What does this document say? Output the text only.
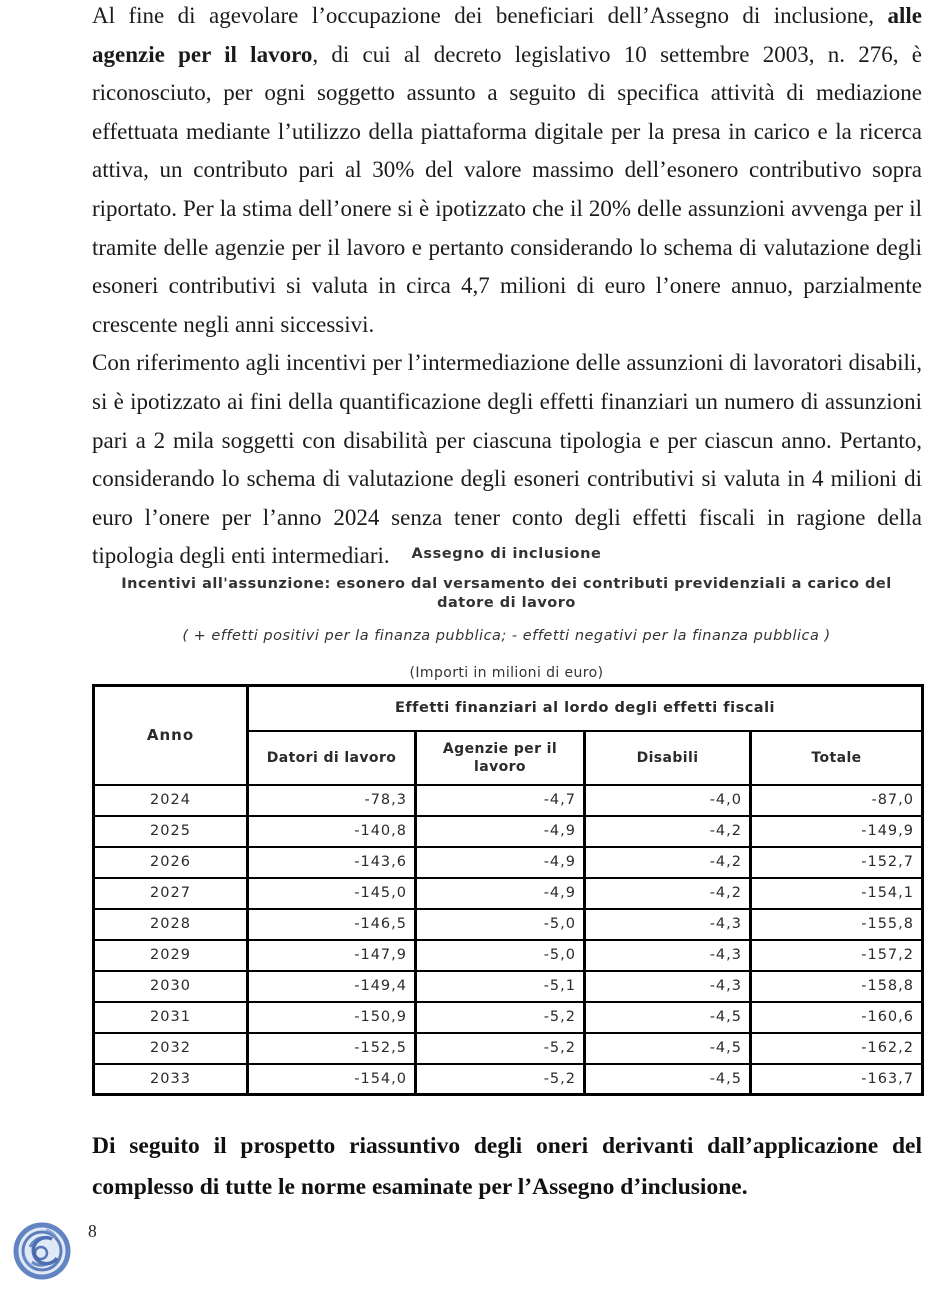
Al fine di agevolare l’occupazione dei beneficiari dell’Assegno di inclusione, alle agenzie per il lavoro, di cui al decreto legislativo 10 settembre 2003, n. 276, è riconosciuto, per ogni soggetto assunto a seguito di specifica attività di mediazione effettuata mediante l’utilizzo della piattaforma digitale per la presa in carico e la ricerca attiva, un contributo pari al 30% del valore massimo dell’esonero contributivo sopra riportato. Per la stima dell’onere si è ipotizzato che il 20% delle assunzioni avvenga per il tramite delle agenzie per il lavoro e pertanto considerando lo schema di valutazione degli esoneri contributivi si valuta in circa 4,7 milioni di euro l’onere annuo, parzialmente crescente negli anni siccessivi.

Con riferimento agli incentivi per l’intermediazione delle assunzioni di lavoratori disabili, si è ipotizzato ai fini della quantificazione degli effetti finanziari un numero di assunzioni pari a 2 mila soggetti con disabilità per ciascuna tipologia e per ciascun anno. Pertanto, considerando lo schema di valutazione degli esoneri contributivi si valuta in 4 milioni di euro l’onere per l’anno 2024 senza tener conto degli effetti fiscali in ragione della tipologia degli enti intermediari.	Assegno di inclusione
Incentivi all'assunzione: esonero dal versamento dei contributi previdenziali a carico del datore di lavoro
( + effetti positivi per la finanza pubblica; - effetti negativi per la finanza pubblica )
(Importi in milioni di euro)
Anno	Effetti finanziari al lordo degli effetti fiscali			
	Datori di lavoro	Agenzie per il lavoro	Disabili	Totale
2024	-78,3	-4,7	-4,0	-87,0
2025	-140,8	-4,9	-4,2	-149,9
2026	-143,6	-4,9	-4,2	-152,7
2027	-145,0	-4,9	-4,2	-154,1
2028	-146,5	-5,0	-4,3	-155,8
2029	-147,9	-5,0	-4,3	-157,2
2030	-149,4	-5,1	-4,3	-158,8
2031	-150,9	-5,2	-4,5	-160,6
2032	-152,5	-5,2	-4,5	-162,2
2033	-154,0	-5,2	-4,5	-163,7
Di seguito il prospetto riassuntivo degli oneri derivanti dall’applicazione del complesso di tutte le norme esaminate per l’Assegno d’inclusione.
8
